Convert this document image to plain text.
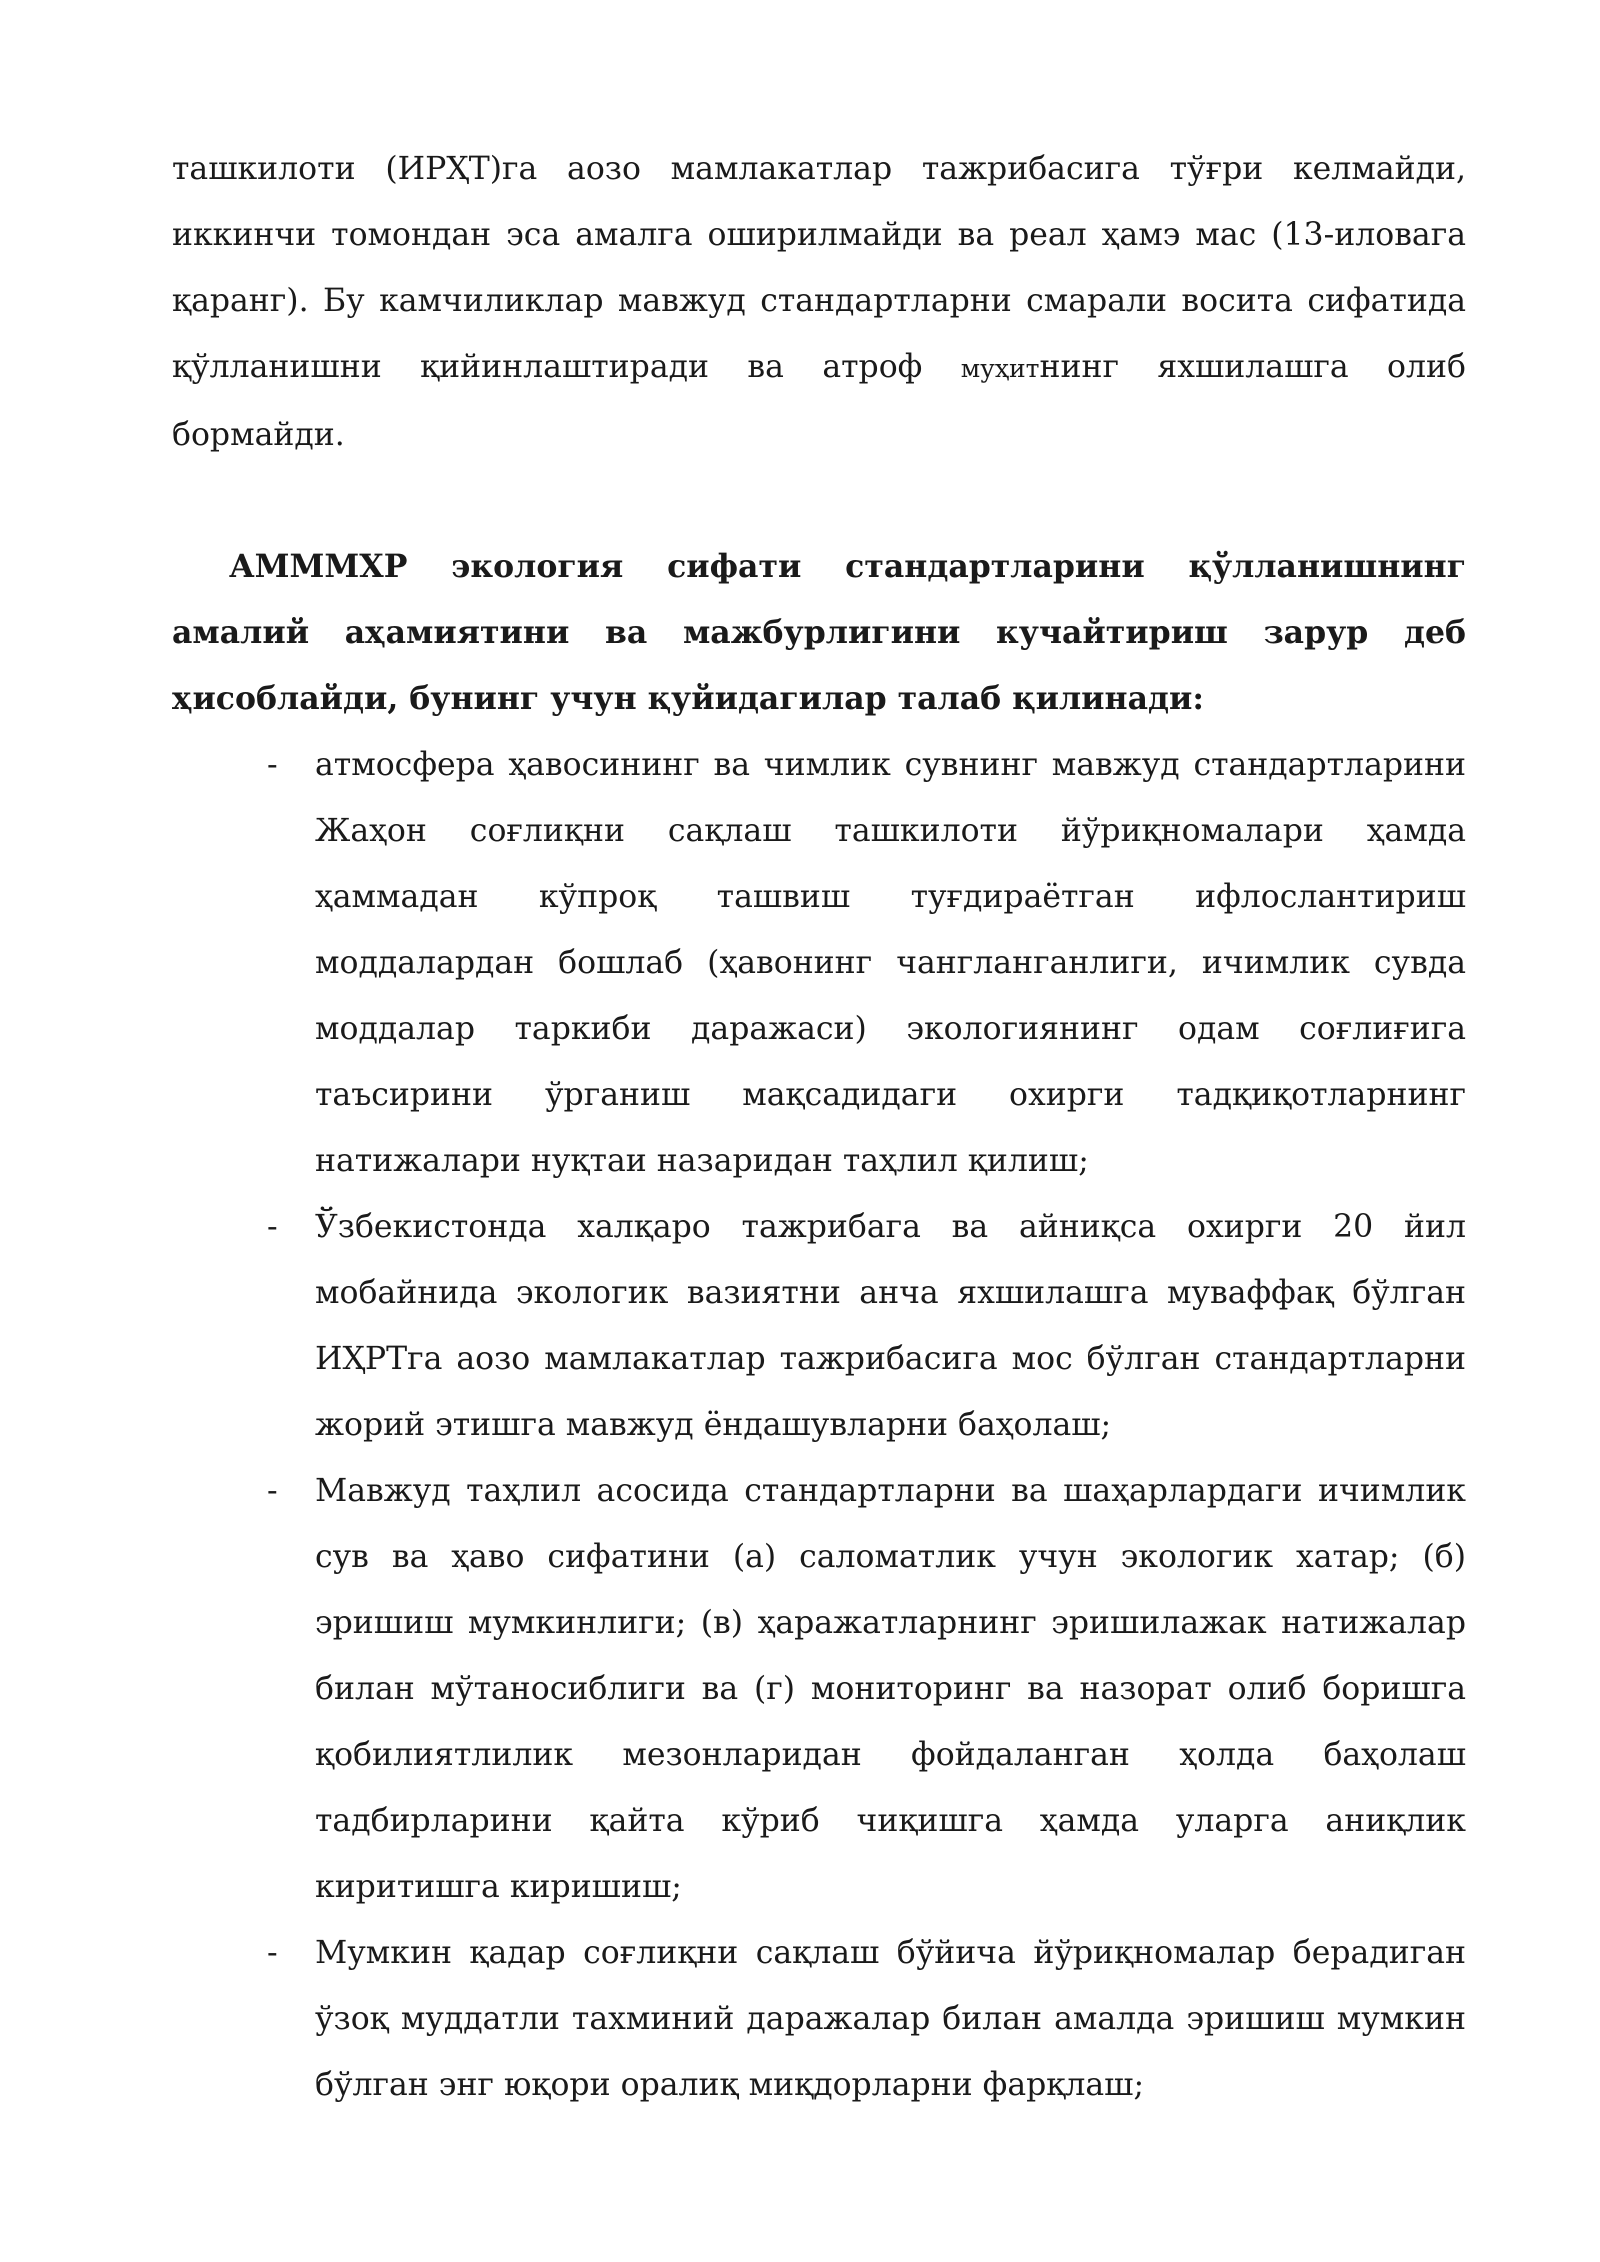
ташкилоти (ИРҲТ)га аозо мамлакатлар тажрибасига тўғри келмайди, иккинчи томондан эса амалга оширилмайди ва реал ҳамэ мас (13-иловага қаранг). Бу камчиликлар мавжуд стандартларни смарали восита сифатида қўлланишни қийинлаштиради ва атроф муҳитнинг яхшилашга олиб бормайди.

АММMХР экология сифати стандартларини қўлланишнинг амалий аҳамиятини ва мажбурлигини кучайтириш зарур деб ҳисоблайди, бунинг учун қуйидагилар талаб қилинади:

- атмосфера ҳавосининг ва чимлик сувнинг мавжуд стандартларини Жаҳон соғлиқни сақлаш ташкилоти йўриқномалари ҳамда ҳаммадан кўпроқ ташвиш туғдираётган ифлослантириш моддалардан бошлаб (ҳавонинг чангланганлиги, ичимлик сувда моддалар таркиби даражаси) экологиянинг одам соғлиғига таъсирини ўрганиш мақсадидаги охирги тадқиқотларнинг натижалари нуқтаи назаридан таҳлил қилиш;
- Ўзбекистонда халқаро тажрибага ва айниқса охирги 20 йил мобайнида экологик вазиятни анча яхшилашга муваффақ бўлган ИҲРТга аозо мамлакатлар тажрибасига мос бўлган стандартларни жорий этишга мавжуд ёндашувларни баҳолаш;
- Мавжуд таҳлил асосида стандартларни ва шаҳарлардаги ичимлик сув ва ҳаво сифатини (а) саломатлик учун экологик хатар; (б) эришиш мумкинлиги; (в) ҳаражатларнинг эришилажак натижалар билан мўтаносиблиги ва (г) мониторинг ва назорат олиб боришга қобилиятлилик мезонларидан фойдаланган ҳолда баҳолаш тадбирларини қайта кўриб чиқишга ҳамда уларга аниқлик киритишга киришиш;
- Мумкин қадар соғлиқни сақлаш бўйича йўриқномалар берадиган ўзоқ муддатли тахминий даражалар билан амалда эришиш мумкин бўлган энг юқори оралиқ миқдорларни фарқлаш;
